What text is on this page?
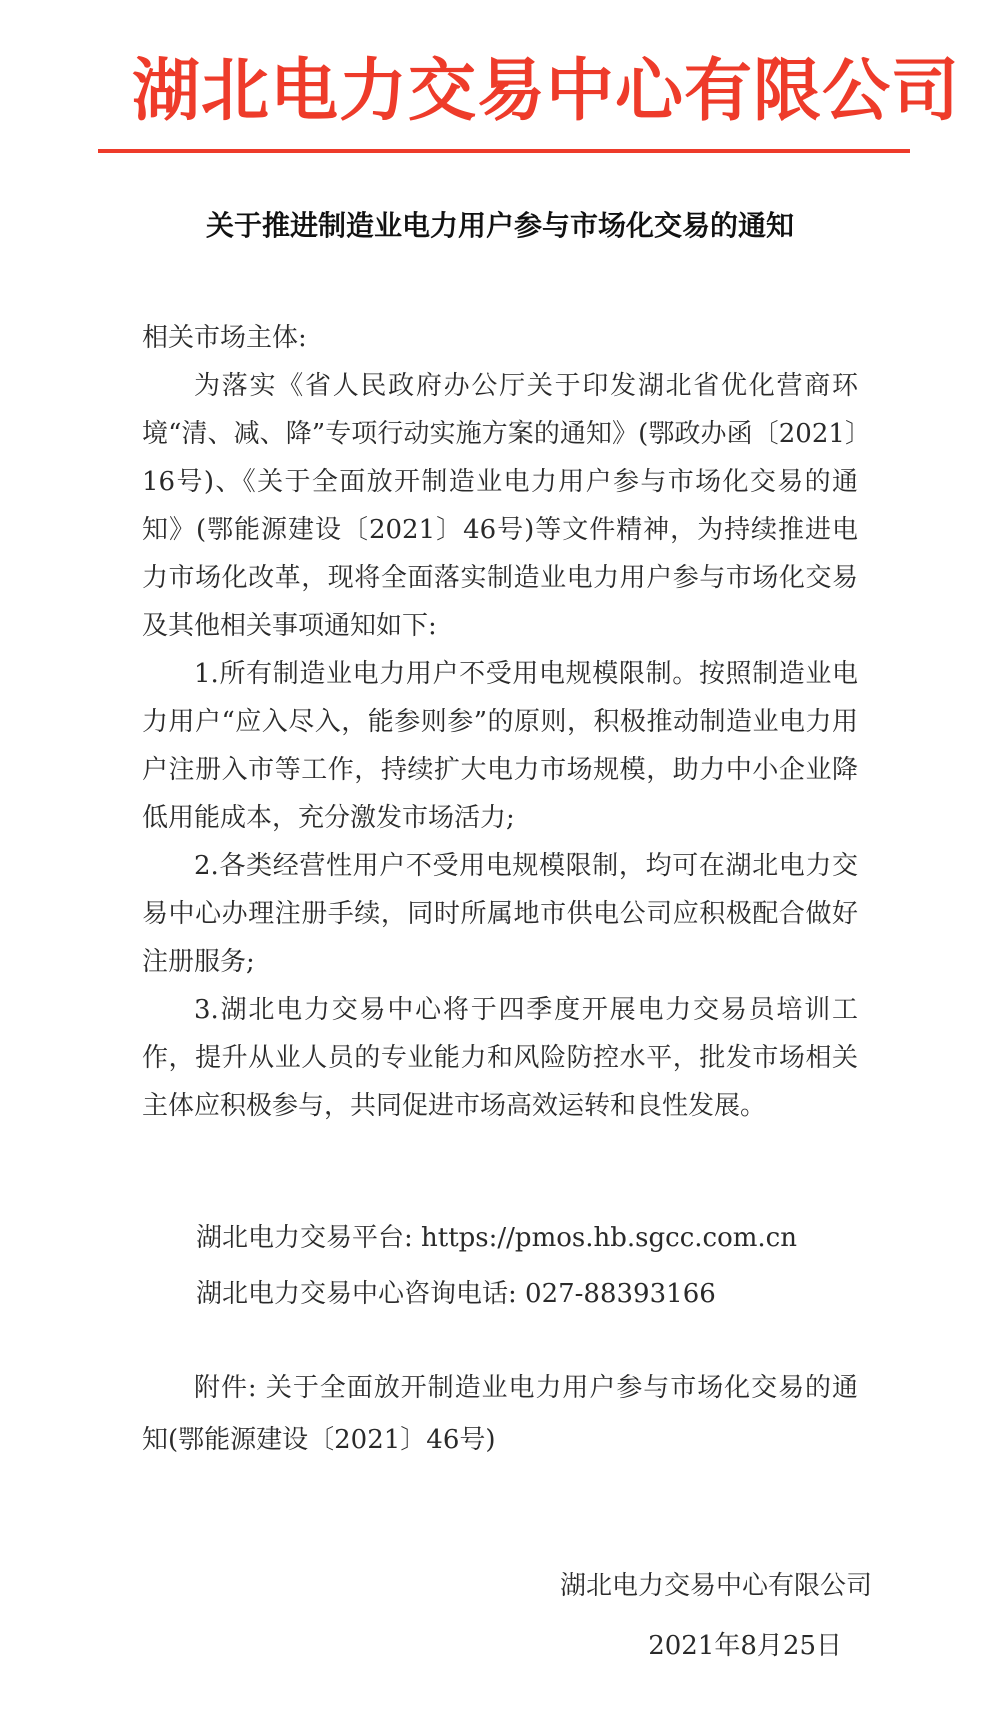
湖北电力交易中心有限公司
关于推进制造业电力用户参与市场化交易的通知

相关市场主体:

为落实《省人民政府办公厅关于印发湖北省优化营商环境“清、减、降”专项行动实施方案的通知》(鄂政办函〔2021〕16号)、《关于全面放开制造业电力用户参与市场化交易的通知》(鄂能源建设〔2021〕46号)等文件精神，为持续推进电力市场化改革，现将全面落实制造业电力用户参与市场化交易及其他相关事项通知如下:

1.所有制造业电力用户不受用电规模限制。按照制造业电力用户“应入尽入，能参则参”的原则，积极推动制造业电力用户注册入市等工作，持续扩大电力市场规模，助力中小企业降低用能成本，充分激发市场活力;

2.各类经营性用户不受用电规模限制，均可在湖北电力交易中心办理注册手续，同时所属地市供电公司应积极配合做好注册服务;

3.湖北电力交易中心将于四季度开展电力交易员培训工作，提升从业人员的专业能力和风险防控水平，批发市场相关主体应积极参与，共同促进市场高效运转和良性发展。

湖北电力交易平台: https://pmos.hb.sgcc.com.cn

湖北电力交易中心咨询电话: 027-88393166

附件: 关于全面放开制造业电力用户参与市场化交易的通知(鄂能源建设〔2021〕46号)

湖北电力交易中心有限公司

2021年8月25日
